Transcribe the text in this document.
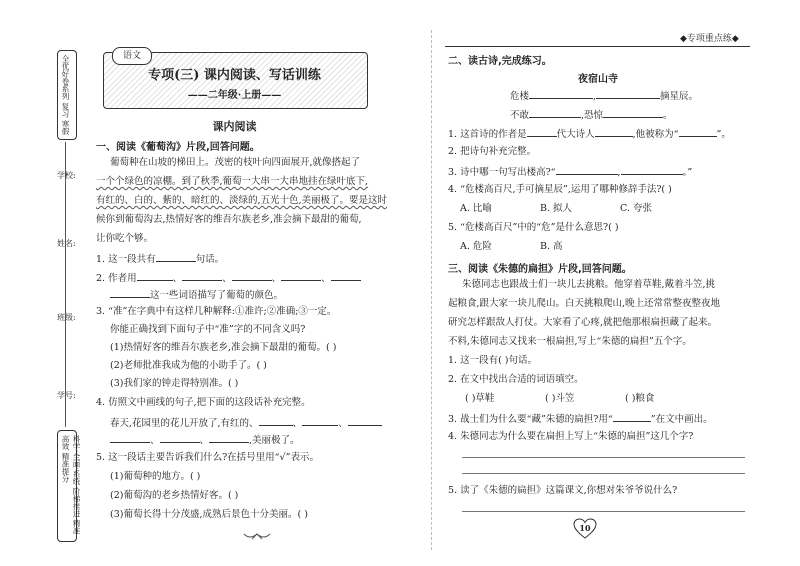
全优好卷系列 复习 寒假
学校:
姓名:
班级:
学号:
科学·全面·系统 阶梯推进 精准高效 精准提分
语文
专项(三) 课内阅读、写话训练
——二年级·上册——
课内阅读
一、阅读《葡萄沟》片段,回答问题。
葡萄种在山坡的梯田上。茂密的枝叶向四面展开,就像搭起了
一个个绿色的凉棚。到了秋季,葡萄一大串一大串地挂在绿叶底下,
有红的、白的、紫的、暗红的、淡绿的,五光十色,美丽极了。要是这时
候你到葡萄沟去,热情好客的维吾尔族老乡,准会摘下最甜的葡萄,
让你吃个够。
1. 这一段共有	句话。
2. 作者用	、	、	、	、
这一些词语描写了葡萄的颜色。
3. “准”在字典中有这样几种解释:①准许;②准确;③一定。
你能正确找到下面句子中“准”字的不同含义吗?
(1)热情好客的维吾尔族老乡,准会摘下最甜的葡萄。( )
(2)老师批准我成为他的小助手了。( )
(3)我们家的钟走得特别准。( )
4. 仿照文中画线的句子,把下面的这段话补充完整。
春天,花园里的花儿开放了,有红的、	、	、
、	、	,美丽极了。
5. 这一段话主要告诉我们什么?在括号里用“√”表示。
(1)葡萄种的地方。( )
(2)葡萄沟的老乡热情好客。( )
(3)葡萄长得十分茂盛,成熟后景色十分美丽。( )
◆专项重点练◆
二、读古诗,完成练习。
夜宿山寺
危楼	,	摘星辰。
不敢	,恐惊	。
1. 这首诗的作者是	代大诗人	,他被称为“	”。
2. 把诗句补充完整。
3. 诗中哪一句写出楼高?“	,	。”
4. “危楼高百尺,手可摘星辰”,运用了哪种修辞手法?( )
A. 比喻	B. 拟人	C. 夸张
5. “危楼高百尺”中的“危”是什么意思?( )
A. 危险	B. 高
三、阅读《朱德的扁担》片段,回答问题。
朱德同志也跟战士们一块儿去挑粮。他穿着草鞋,戴着斗笠,挑
起粮食,跟大家一块儿爬山。白天挑粮爬山,晚上还常常整夜整夜地
研究怎样跟敌人打仗。大家看了心疼,就把他那根扁担藏了起来。
不料,朱德同志又找来一根扁担,写上“朱德的扁担”五个字。
1. 这一段有( )句话。
2. 在文中找出合适的词语填空。
( )草鞋	( )斗笠	( )粮食
3. 战士们为什么要“藏”朱德的扁担?用“	”在文中画出。
4. 朱德同志为什么要在扁担上写上“朱德的扁担”这几个字?
5. 读了《朱德的扁担》这篇课文,你想对朱爷爷说什么?
10
